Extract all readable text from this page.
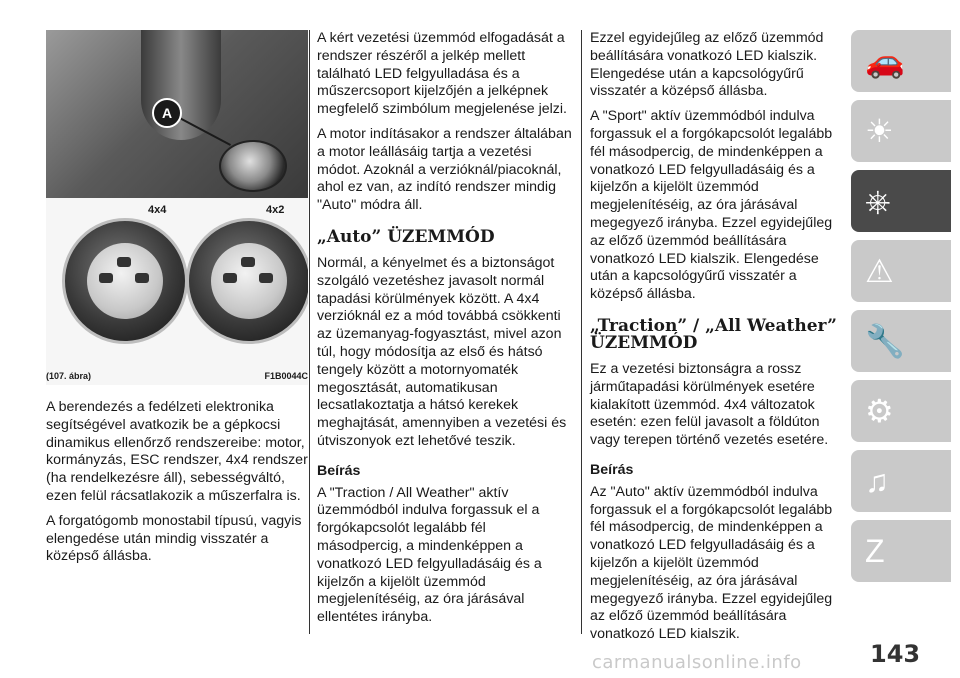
A
4x4	4x2
(107. ábra)	F1B0044C

A berendezés a fedélzeti elektronika segítségével avatkozik be a gépkocsi dinamikus ellenőrző rendszereibe: motor, kormányzás, ESC rendszer, 4x4 rendszer (ha rendelkezésre áll), sebességváltó, ezen felül rácsatlakozik a műszerfalra is.

A forgatógomb monostabil típusú, vagyis elengedése után mindig visszatér a középső állásba.

A kért vezetési üzemmód elfogadását a rendszer részéről a jelkép mellett található LED felgyulladása és a műszercsoport kijelzőjén a jelképnek megfelelő szimbólum megjelenése jelzi.

A motor indításakor a rendszer általában a motor leállásáig tartja a vezetési módot. Azoknál a verzióknál/piacoknál, ahol ez van, az indító rendszer mindig "Auto" módra áll.

„Auto” ÜZEMMÓD

Normál, a kényelmet és a biztonságot szolgáló vezetéshez javasolt normál tapadási körülmények között. A 4x4 verzióknál ez a mód továbbá csökkenti az üzemanyag-fogyasztást, mivel azon túl, hogy módosítja az első és hátsó tengely között a motornyomaték megosztását, automatikusan lecsatlakoztatja a hátsó kerekek meghajtását, amennyiben a vezetési és útviszonyok ezt lehetővé teszik.

Beírás

A "Traction / All Weather" aktív üzemmódból indulva forgassuk el a forgókapcsolót legalább fél másodpercig, a mindenképpen a vonatkozó LED felgyulladásáig és a kijelzőn a kijelölt üzemmód megjelenítéséig, az óra járásával ellentétes irányba.

Ezzel egyidejűleg az előző üzemmód beállítására vonatkozó LED kialszik. Elengedése után a kapcsológyűrű visszatér a középső állásba.

A "Sport" aktív üzemmódból indulva forgassuk el a forgókapcsolót legalább fél másodpercig, de mindenképpen a vonatkozó LED felgyulladásáig és a kijelzőn a kijelölt üzemmód megjelenítéséig, az óra járásával megegyező irányba. Ezzel egyidejűleg az előző üzemmód beállítására vonatkozó LED kialszik. Elengedése után a kapcsológyűrű visszatér a középső állásba.

„Traction” / „All Weather” ÜZEMMÓD

Ez a vezetési biztonságra a rossz járműtapadási körülmények esetére kialakított üzemmód. 4x4 változatok esetén: ezen felül javasolt a földúton vagy terepen történő vezetés esetére.

Beírás

Az "Auto" aktív üzemmódból indulva forgassuk el a forgókapcsolót legalább fél másodpercig, de mindenképpen a vonatkozó LED felgyulladásáig és a kijelzőn a kijelölt üzemmód megjelenítéséig, az óra járásával megegyező irányba. Ezzel egyidejűleg az előző üzemmód beállítására vonatkozó LED kialszik.

🚗
☀
⎈
⚠
🔧
⚙
♫
Z
143
carmanualsonline.info
